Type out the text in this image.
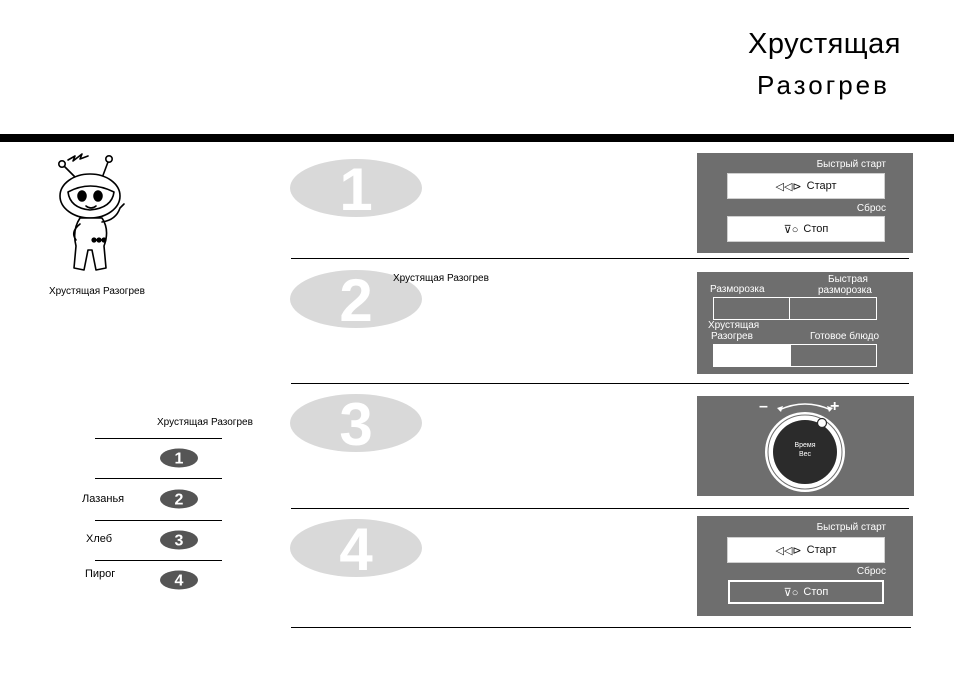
Хрустящая
Разогрев
Хрустящая Разогрев
Хрустящая Разогрев
1
Лазанья	2
Хлеб	3
Пирог	4
1	Быстрый старт
◁◁⊳ Старт
Сброс
⊽○ Стоп
2 Хрустящая Разогрев
Разморозка
Быстрая
разморозка
Хрустящая
Разогрев	Готовое блюдо
3	–	+
Время
Вес
4	Быстрый старт
◁◁⊳ Старт
Сброс
⊽○ Стоп
